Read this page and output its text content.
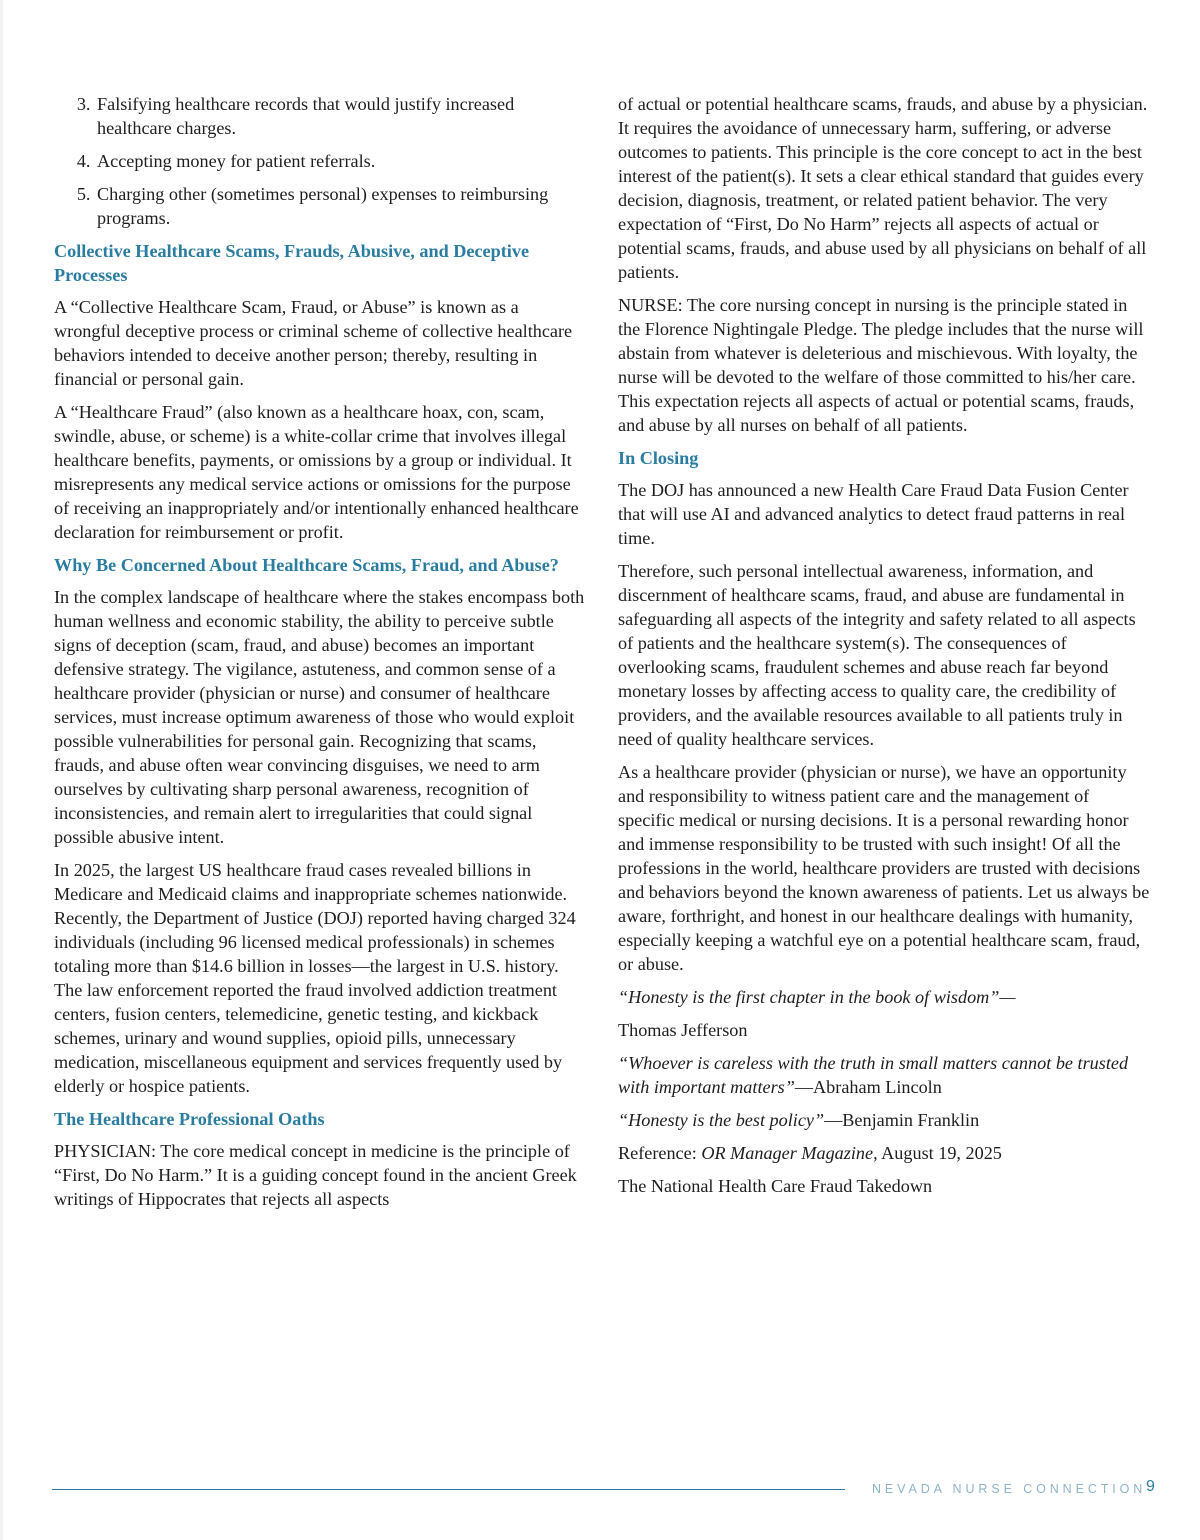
3. Falsifying healthcare records that would justify increased healthcare charges.
4. Accepting money for patient referrals.
5. Charging other (sometimes personal) expenses to reimbursing programs.
Collective Healthcare Scams, Frauds, Abusive, and Deceptive Processes

A “Collective Healthcare Scam, Fraud, or Abuse” is known as a wrongful deceptive process or criminal scheme of collective healthcare behaviors intended to deceive another person; thereby, resulting in financial or personal gain.

A “Healthcare Fraud” (also known as a healthcare hoax, con, scam, swindle, abuse, or scheme) is a white-collar crime that involves illegal healthcare benefits, payments, or omissions by a group or individual. It misrepresents any medical service actions or omissions for the purpose of receiving an inappropriately and/or intentionally enhanced healthcare declaration for reimbursement or profit.

Why Be Concerned About Healthcare Scams, Fraud, and Abuse?

In the complex landscape of healthcare where the stakes encompass both human wellness and economic stability, the ability to perceive subtle signs of deception (scam, fraud, and abuse) becomes an important defensive strategy. The vigilance, astuteness, and common sense of a healthcare provider (physician or nurse) and consumer of healthcare services, must increase optimum awareness of those who would exploit possible vulnerabilities for personal gain. Recognizing that scams, frauds, and abuse often wear convincing disguises, we need to arm ourselves by cultivating sharp personal awareness, recognition of inconsistencies, and remain alert to irregularities that could signal possible abusive intent.

In 2025, the largest US healthcare fraud cases revealed billions in Medicare and Medicaid claims and inappropriate schemes nationwide. Recently, the Department of Justice (DOJ) reported having charged 324 individuals (including 96 licensed medical professionals) in schemes totaling more than $14.6 billion in losses—the largest in U.S. history. The law enforcement reported the fraud involved addiction treatment centers, fusion centers, telemedicine, genetic testing, and kickback schemes, urinary and wound supplies, opioid pills, unnecessary medication, miscellaneous equipment and services frequently used by elderly or hospice patients.

The Healthcare Professional Oaths

PHYSICIAN: The core medical concept in medicine is the principle of “First, Do No Harm.” It is a guiding concept found in the ancient Greek writings of Hippocrates that rejects all aspects

of actual or potential healthcare scams, frauds, and abuse by a physician. It requires the avoidance of unnecessary harm, suffering, or adverse outcomes to patients. This principle is the core concept to act in the best interest of the patient(s). It sets a clear ethical standard that guides every decision, diagnosis, treatment, or related patient behavior. The very expectation of “First, Do No Harm” rejects all aspects of actual or potential scams, frauds, and abuse used by all physicians on behalf of all patients.

NURSE: The core nursing concept in nursing is the principle stated in the Florence Nightingale Pledge. The pledge includes that the nurse will abstain from whatever is deleterious and mischievous. With loyalty, the nurse will be devoted to the welfare of those committed to his/her care. This expectation rejects all aspects of actual or potential scams, frauds, and abuse by all nurses on behalf of all patients.

In Closing

The DOJ has announced a new Health Care Fraud Data Fusion Center that will use AI and advanced analytics to detect fraud patterns in real time.

Therefore, such personal intellectual awareness, information, and discernment of healthcare scams, fraud, and abuse are fundamental in safeguarding all aspects of the integrity and safety related to all aspects of patients and the healthcare system(s). The consequences of overlooking scams, fraudulent schemes and abuse reach far beyond monetary losses by affecting access to quality care, the credibility of providers, and the available resources available to all patients truly in need of quality healthcare services.

As a healthcare provider (physician or nurse), we have an opportunity and responsibility to witness patient care and the management of specific medical or nursing decisions. It is a personal rewarding honor and immense responsibility to be trusted with such insight! Of all the professions in the world, healthcare providers are trusted with decisions and behaviors beyond the known awareness of patients. Let us always be aware, forthright, and honest in our healthcare dealings with humanity, especially keeping a watchful eye on a potential healthcare scam, fraud, or abuse.

“Honesty is the first chapter in the book of wisdom”—

Thomas Jefferson

“Whoever is careless with the truth in small matters cannot be trusted with important matters”—Abraham Lincoln

“Honesty is the best policy”—Benjamin Franklin

Reference: OR Manager Magazine, August 19, 2025

The National Health Care Fraud Takedown

NEVADA NURSE CONNECTION 9
